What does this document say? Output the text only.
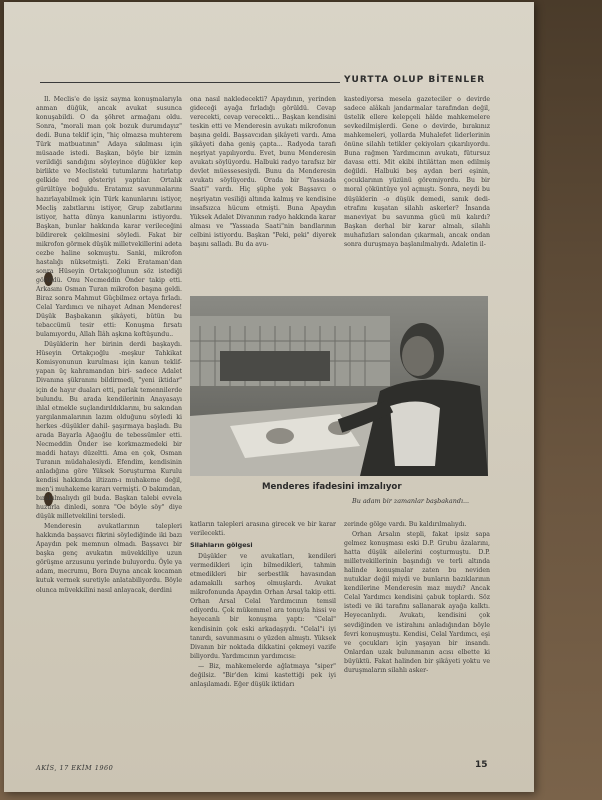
YURTTA OLUP BİTENLER

Il. Meclis'e de işsiz sayma konuşmalarıyla anman düğük, ancak avukat susunca konuşabildi. O da şöhret armağanı oldu. Sonra, "morali man çok bozuk durumdayız" dedi. Buna teklif için, "hiç olmazsa muhterem Türk matbuatının" Adaya sıkılması için müsaade istedi. Başkan, böyle bir izmin verildiği sandığını söyleyince düğükler kep birlikte ve Meclisteki tutumlarını hatırlatıp gelkide red gösteriyi yaptılar. Ortalık gürültüye boğuldu. Eratamız savunmalarını hazırlayabilmek için Türk kanunlarını istiyor, Mecliş zabıtlarını istiyor, Grup zabıtlarını istiyor, hatta dünya kanunlarını istiyordu. Başkan, bunlar hakkında karar verileceğini bildirerek çekilmesini söyledi. Fakat bir mikrofon görmek düşük milletvekillerini adeta cezbe haline sokmuştu. Sanki, mikrofon hastalığı nüksetmişti. Zeki Erataman'dan sonra Hüseyin Ortakçıoğlunun söz istediği görüldü. Onu Necmeddin Önder takip etti. Arkasını Osman Turan mikrofon başına geldi. Biraz sonra Mahmut Güçbilmez ortaya fırladı. Celal Yardımcı ve nihayet Adnan Menderes! Düşük Başbakanın şikâyeti, bütün bu tebaccümü tesir etti: Konuşma fırsatı bulamıyordu, Allah İlâh aşkına koftüşundu..

Düşüklerin her birinin derdi başkaydı. Hüseyin Ortakçıoğlu -meşkur Tahkikat Komisyonunun kurulması için kanun teklif- yapan üç kahramandan biri- sadece Adalet Divanına şükranını bildirmedi, "yeni iktidar" için de hayır duaları etti, parlak temennilerde bulundu. Bu arada kendilerinin Anayasayı ihlal etmekle suçlandırıldıklarını, bu sakından yargılanmalarının lazım olduğunu söyledi ki herkes -düşükler dahil- şaşırmaya başladı. Bu arada Bayarla Ağaoğlu de tebessümler etti. Necmeddin Önder ise korkmazmedeki bir maddi hatayı düzeltti. Ama en çok, Osman Turanın müdahalesiydi. Efendim, kendisinin anladığına göre Yüksek Soruşturma Kurulu kendisi hakkında iltizam-ı muhakeme değil, men'i muhakeme kararı vermişti. O bakımdan, bırakılmalıydı gil buda. Başkan talebi evvela huzurla dinledi, sonra "Oe böyle söy" diye düşük milletvekilini tersledi.

Menderesin avukatlarının talepleri hakkında başsavcı fikrini söylediğinde iki bazı Apaydın pek memnun olmadı. Başsavcı bir başka genç avukatın müvekkiliye uzun görüşme arzusunu yerinde buluyordu. Öyle ya adam, mecrumu, Bora Duyna ancak kocaman kutuk vermek suretiyle anlatabiliyordu. Böyle olunca müvekkilini nasıl anlayacak, derdini

ona nasıl nakledecekti? Apaydının, yerinden gideceği ayağa fırladığı görüldü. Cevap verecekti, cevap verecekti... Başkan kendisini teskin etti ve Menderesin avukatı mikrofonun başına geldi. Başsavcıdan şikâyeti vardı. Ama şikâyeti daha geniş çapta... Radyoda tarafı neşriyat yapılıyordu. Evet, bunu Menderesin avukatı söylüyordu. Halbuki radyo tarafsız bir devlet müessesesiydi. Bunu da Menderesin avukatı söylüyordu. Orada bir "Yassıada Saati" vardı. Hiç şüphe yok Başsavcı o neşriyatın vesiliği altında kalmış ve kendisine insafsızca hücum etmişti. Buna Apaydın Yüksek Adalet Divanının radyo hakkında karar alması ve "Yassıada Saati"nin bandlarının celbini istiyordu. Başkan "Peki, peki" diyerek başını salladı. Bu da avu-

kastediyorsa mesela gazeteciler o devirde sadece alâkalı jandarmalar tarafından değil, üstelik ellere kelepçeli hâlde mahkemelere sevkedilmişlerdi. Gene o devirde, bırakınız mahkemeleri, yollarda Muhalefet liderlerinin önüne silahlı tetikler çekiyoları çıkarılıyordu. Buna rağmen Yardımcının avukatı, fütursuz davası etti. Mit ekibi ihtilâttan men edilmiş değildi. Halbuki beş aydan beri eşinin, çocuklarının yüzünü göremiyordu. Bu bir moral çöküntüye yol açmıştı. Sonra, neydi bu düşüklerin -o düşük demedi, sanık dedi- etrafını kuşatan silahlı askerler? İnsanda maneviyat bu savunma gücü mü kalırdı? Başkan derhal bir karar almalı, silahlı muhafızları salondan çıkarmalı, ancak ondan sonra duruşmaya başlanılmalıydı. Adaletin il-

Menderes ifadesini imzalıyor
Bu adam bir zamanlar başbakandı...

katların talepleri arasına girecek ve bir karar verilecekti.

Silahların gölgesi

Düşükler ve avukatları, kendileri vermedikleri için bilmedikleri, tahmin etmedikleri bir serbestlik havasından adamakıllı sarhoş olmuşlardı. Avukat mikrofonunda Apaydın Orhan Arsal takip etti. Orhan Arsal Celal Yardımcının temsil ediyordu. Çok mükemmel ara tonuyla hissi ve heyecanlı bir konuşma yaptı: "Celal" kendisinin çok eski arkadaşıydı. "Celal"i iyi tanırdı, savunmasını o yüzden almıştı. Yüksek Divanın bir noktada dikkatini çekmeyi vazife biliyordu. Yardımcının yardımcısı:

— Biz, mahkemelerde ağlatmaya "siper" değilsiz. "Bir'den kimi kastettiği pek iyi anlaşılamadı. Eğer düşük iktidarı

zerinde gölge vardı. Bu kaldırılmalıydı.

Orhan Arsalın stepli, fakat ipsiz sapa gelmez konuşması eski D.P. Grubu âzalarını, hatta düşük ailelerini coşturmuştu. D.P. milletvekillerinin başındığı ve terli altında halinde konuşmalar zaten bu neviden nutuklar değil miydi ve bunların bazıklarının kendilerine Menderesin maz mıydı? Ancak Celal Yardımcı kendisini çabuk toplardı. Söz istedi ve iki tarafını sallanarak ayağa kalktı. Heyecanlıydı. Avukatı, kendisini çok sevdiğinden ve istirahını anladığından böyle fevri konuşmuştu. Kendisi, Celal Yardımcı, eşi ve çocukları için yaşayan bir insandı. Onlardan uzak bulunmanın acısı elbette ki büyüktü. Fakat halinden bir şikâyeti yoktu ve duruşmaların silahlı asker-

AKİS, 17 EKİM 1960	15
